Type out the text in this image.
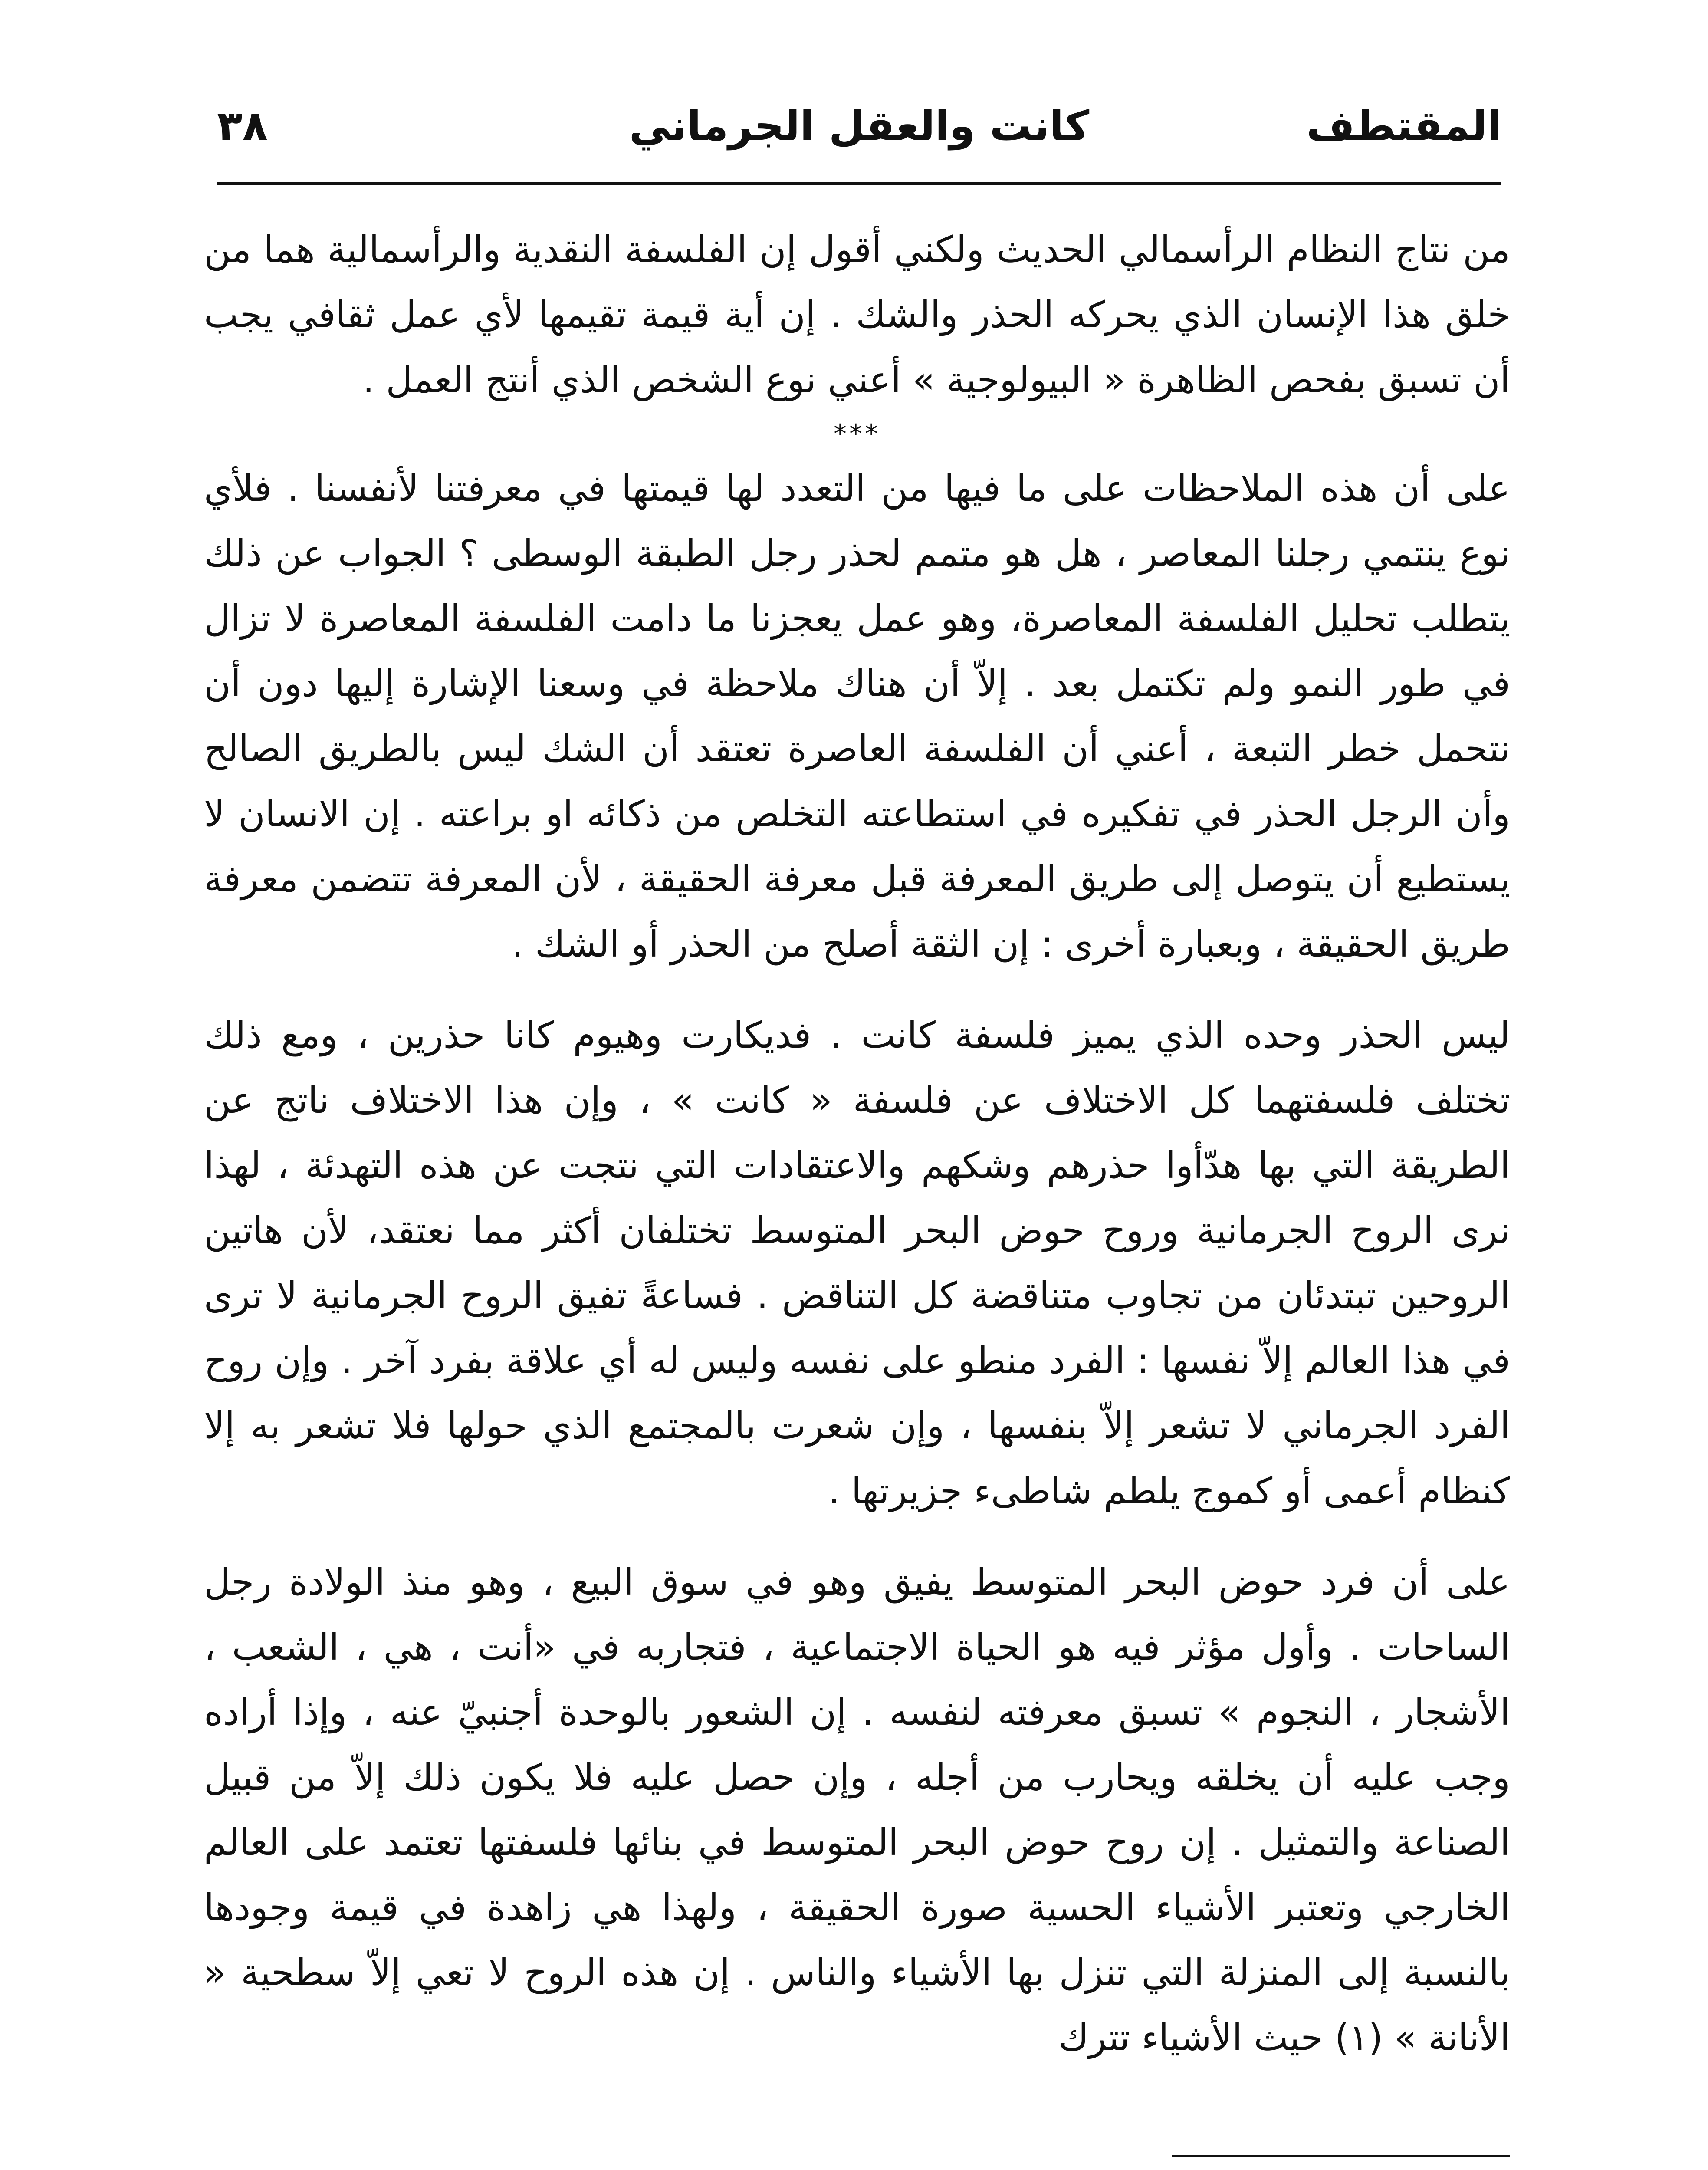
٣٨	كانت والعقل الجرماني	المقتطف

من نتاج النظام الرأسمالي الحديث ولكني أقول إن الفلسفة النقدية والرأسمالية هما من خلق هذا الإنسان الذي يحركه الحذر والشك . إن أية قيمة تقيمها لأي عمل ثقافي يجب أن تسبق بفحص الظاهرة « البيولوجية » أعني نوع الشخص الذي أنتج العمل .

***

على أن هذه الملاحظات على ما فيها من التعدد لها قيمتها في معرفتنا لأنفسنا . فلأي نوع ينتمي رجلنا المعاصر ، هل هو متمم لحذر رجل الطبقة الوسطى ؟ الجواب عن ذلك يتطلب تحليل الفلسفة المعاصرة، وهو عمل يعجزنا ما دامت الفلسفة المعاصرة لا تزال في طور النمو ولم تكتمل بعد . إلاّ أن هناك ملاحظة في وسعنا الإشارة إليها دون أن نتحمل خطر التبعة ، أعني أن الفلسفة العاصرة تعتقد أن الشك ليس بالطريق الصالح وأن الرجل الحذر في تفكيره في استطاعته التخلص من ذكائه او براعته . إن الانسان لا يستطيع أن يتوصل إلى طريق المعرفة قبل معرفة الحقيقة ، لأن المعرفة تتضمن معرفة طريق الحقيقة ، وبعبارة أخرى : إن الثقة أصلح من الحذر أو الشك .

ليس الحذر وحده الذي يميز فلسفة كانت . فديكارت وهيوم كانا حذرين ، ومع ذلك تختلف فلسفتهما كل الاختلاف عن فلسفة « كانت » ، وإن هذا الاختلاف ناتج عن الطريقة التي بها هدّأوا حذرهم وشكهم والاعتقادات التي نتجت عن هذه التهدئة ، لهذا نرى الروح الجرمانية وروح حوض البحر المتوسط تختلفان أكثر مما نعتقد، لأن هاتين الروحين تبتدئان من تجاوب متناقضة كل التناقض . فساعةً تفيق الروح الجرمانية لا ترى في هذا العالم إلاّ نفسها : الفرد منطو على نفسه وليس له أي علاقة بفرد آخر . وإن روح الفرد الجرماني لا تشعر إلاّ بنفسها ، وإن شعرت بالمجتمع الذي حولها فلا تشعر به إلا كنظام أعمى أو كموج يلطم شاطىء جزيرتها .

على أن فرد حوض البحر المتوسط يفيق وهو في سوق البيع ، وهو منذ الولادة رجل الساحات . وأول مؤثر فيه هو الحياة الاجتماعية ، فتجاربه في «أنت ، هي ، الشعب ، الأشجار ، النجوم » تسبق معرفته لنفسه . إن الشعور بالوحدة أجنبيّ عنه ، وإذا أراده وجب عليه أن يخلقه ويحارب من أجله ، وإن حصل عليه فلا يكون ذلك إلاّ من قبيل الصناعة والتمثيل . إن روح حوض البحر المتوسط في بنائها فلسفتها تعتمد على العالم الخارجي وتعتبر الأشياء الحسية صورة الحقيقة ، ولهذا هي زاهدة في قيمة وجودها بالنسبة إلى المنزلة التي تنزل بها الأشياء والناس . إن هذه الروح لا تعي إلاّ سطحية « الأنانة » (١) حيث الأشياء تترك
